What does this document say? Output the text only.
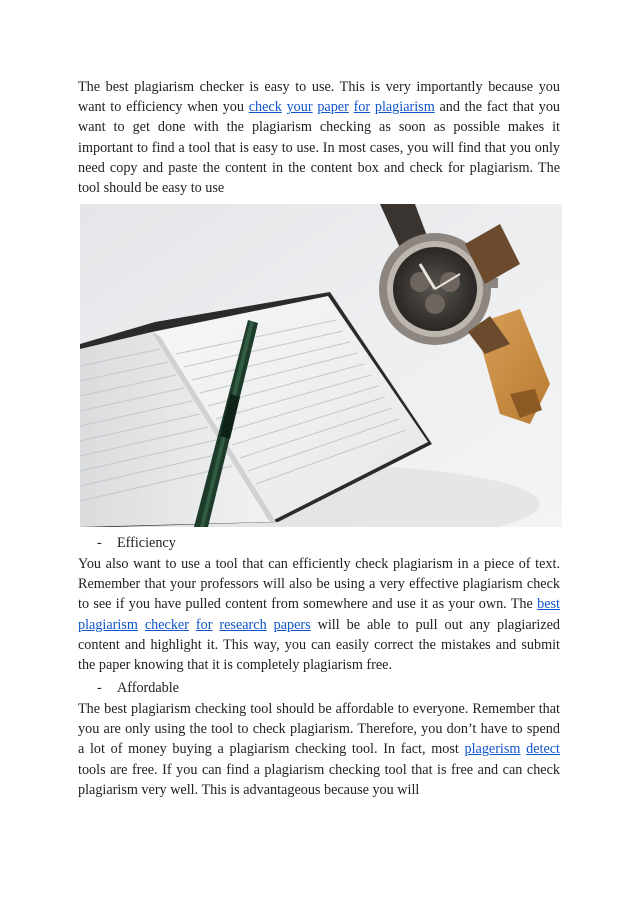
The best plagiarism checker is easy to use. This is very importantly because you want to efficiency when you check your paper for plagiarism and the fact that you want to get done with the plagiarism checking as soon as possible makes it important to find a tool that is easy to use. In most cases, you will find that you only need copy and paste the content in the content box and check for plagiarism. The tool should be easy to use

- Efficiency

You also want to use a tool that can efficiently check plagiarism in a piece of text. Remember that your professors will also be using a very effective plagiarism check to see if you have pulled content from somewhere and use it as your own. The best plagiarism checker for research papers will be able to pull out any plagiarized content and highlight it. This way, you can easily correct the mistakes and submit the paper knowing that it is completely plagiarism free.

- Affordable

The best plagiarism checking tool should be affordable to everyone. Remember that you are only using the tool to check plagiarism. Therefore, you don’t have to spend a lot of money buying a plagiarism checking tool. In fact, most plagerism detect tools are free. If you can find a plagiarism checking tool that is free and can check plagiarism very well. This is advantageous because you will
